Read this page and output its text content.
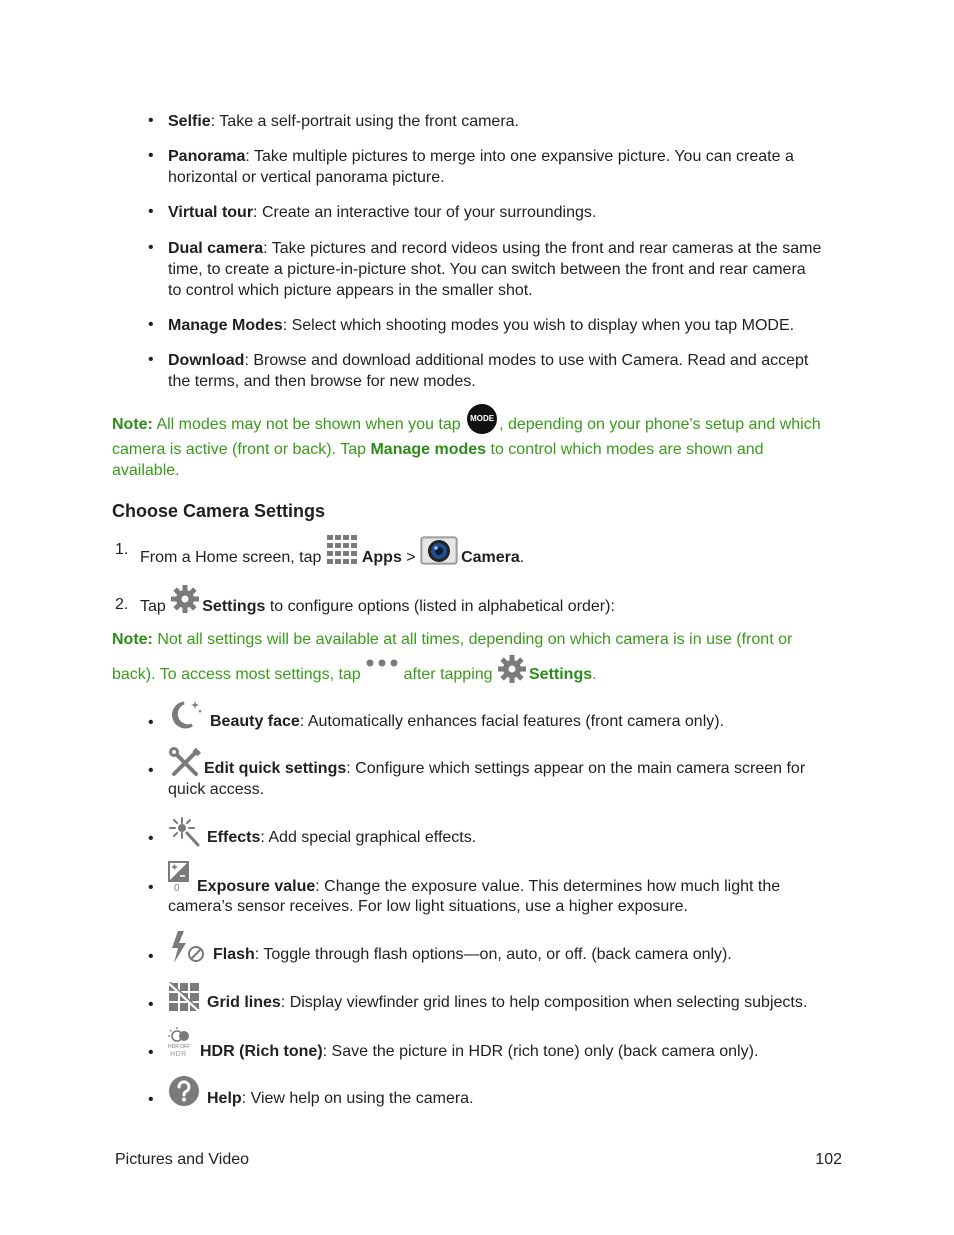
• Selfie: Take a self-portrait using the front camera.
• Panorama: Take multiple pictures to merge into one expansive picture. You can create a
horizontal or vertical panorama picture.
• Virtual tour: Create an interactive tour of your surroundings.
• Dual camera: Take pictures and record videos using the front and rear cameras at the same
time, to create a picture-in-picture shot. You can switch between the front and rear camera
to control which picture appears in the smaller shot.
• Manage Modes: Select which shooting modes you wish to display when you tap MODE.
• Download: Browse and download additional modes to use with Camera. Read and accept
the terms, and then browse for new modes.
Note: All modes may not be shown when you tap MODE , depending on your phone's setup and which
camera is active (front or back). Tap Manage modes to control which modes are shown and
available.
Choose Camera Settings
1. From a Home screen, tap Apps >	Camera .
2. Tap Settings to configure options (listed in alphabetical order):
Note: Not all settings will be available at all times, depending on which camera is in use (front or
back). To access most settings, tap after tapping Settings .
•	Beauty face: Automatically enhances facial features (front camera only).
•	Edit quick settings: Configure which settings appear on the main camera screen for
quick access.
•	Effects: Add special graphical effects.
• 0 Exposure value: Change the exposure value. This determines how much light the
camera’s sensor receives. For low light situations, use a higher exposure.
•	Flash: Toggle through flash options—on, auto, or off. (back camera only).
•	Grid lines: Display viewfinder grid lines to help composition when selecting subjects.
•	HDR OFF
HDR HDR (Rich tone): Save the picture in HDR (rich tone) only (back camera only).
•	Help: View help on using the camera.
Pictures and Video	102
